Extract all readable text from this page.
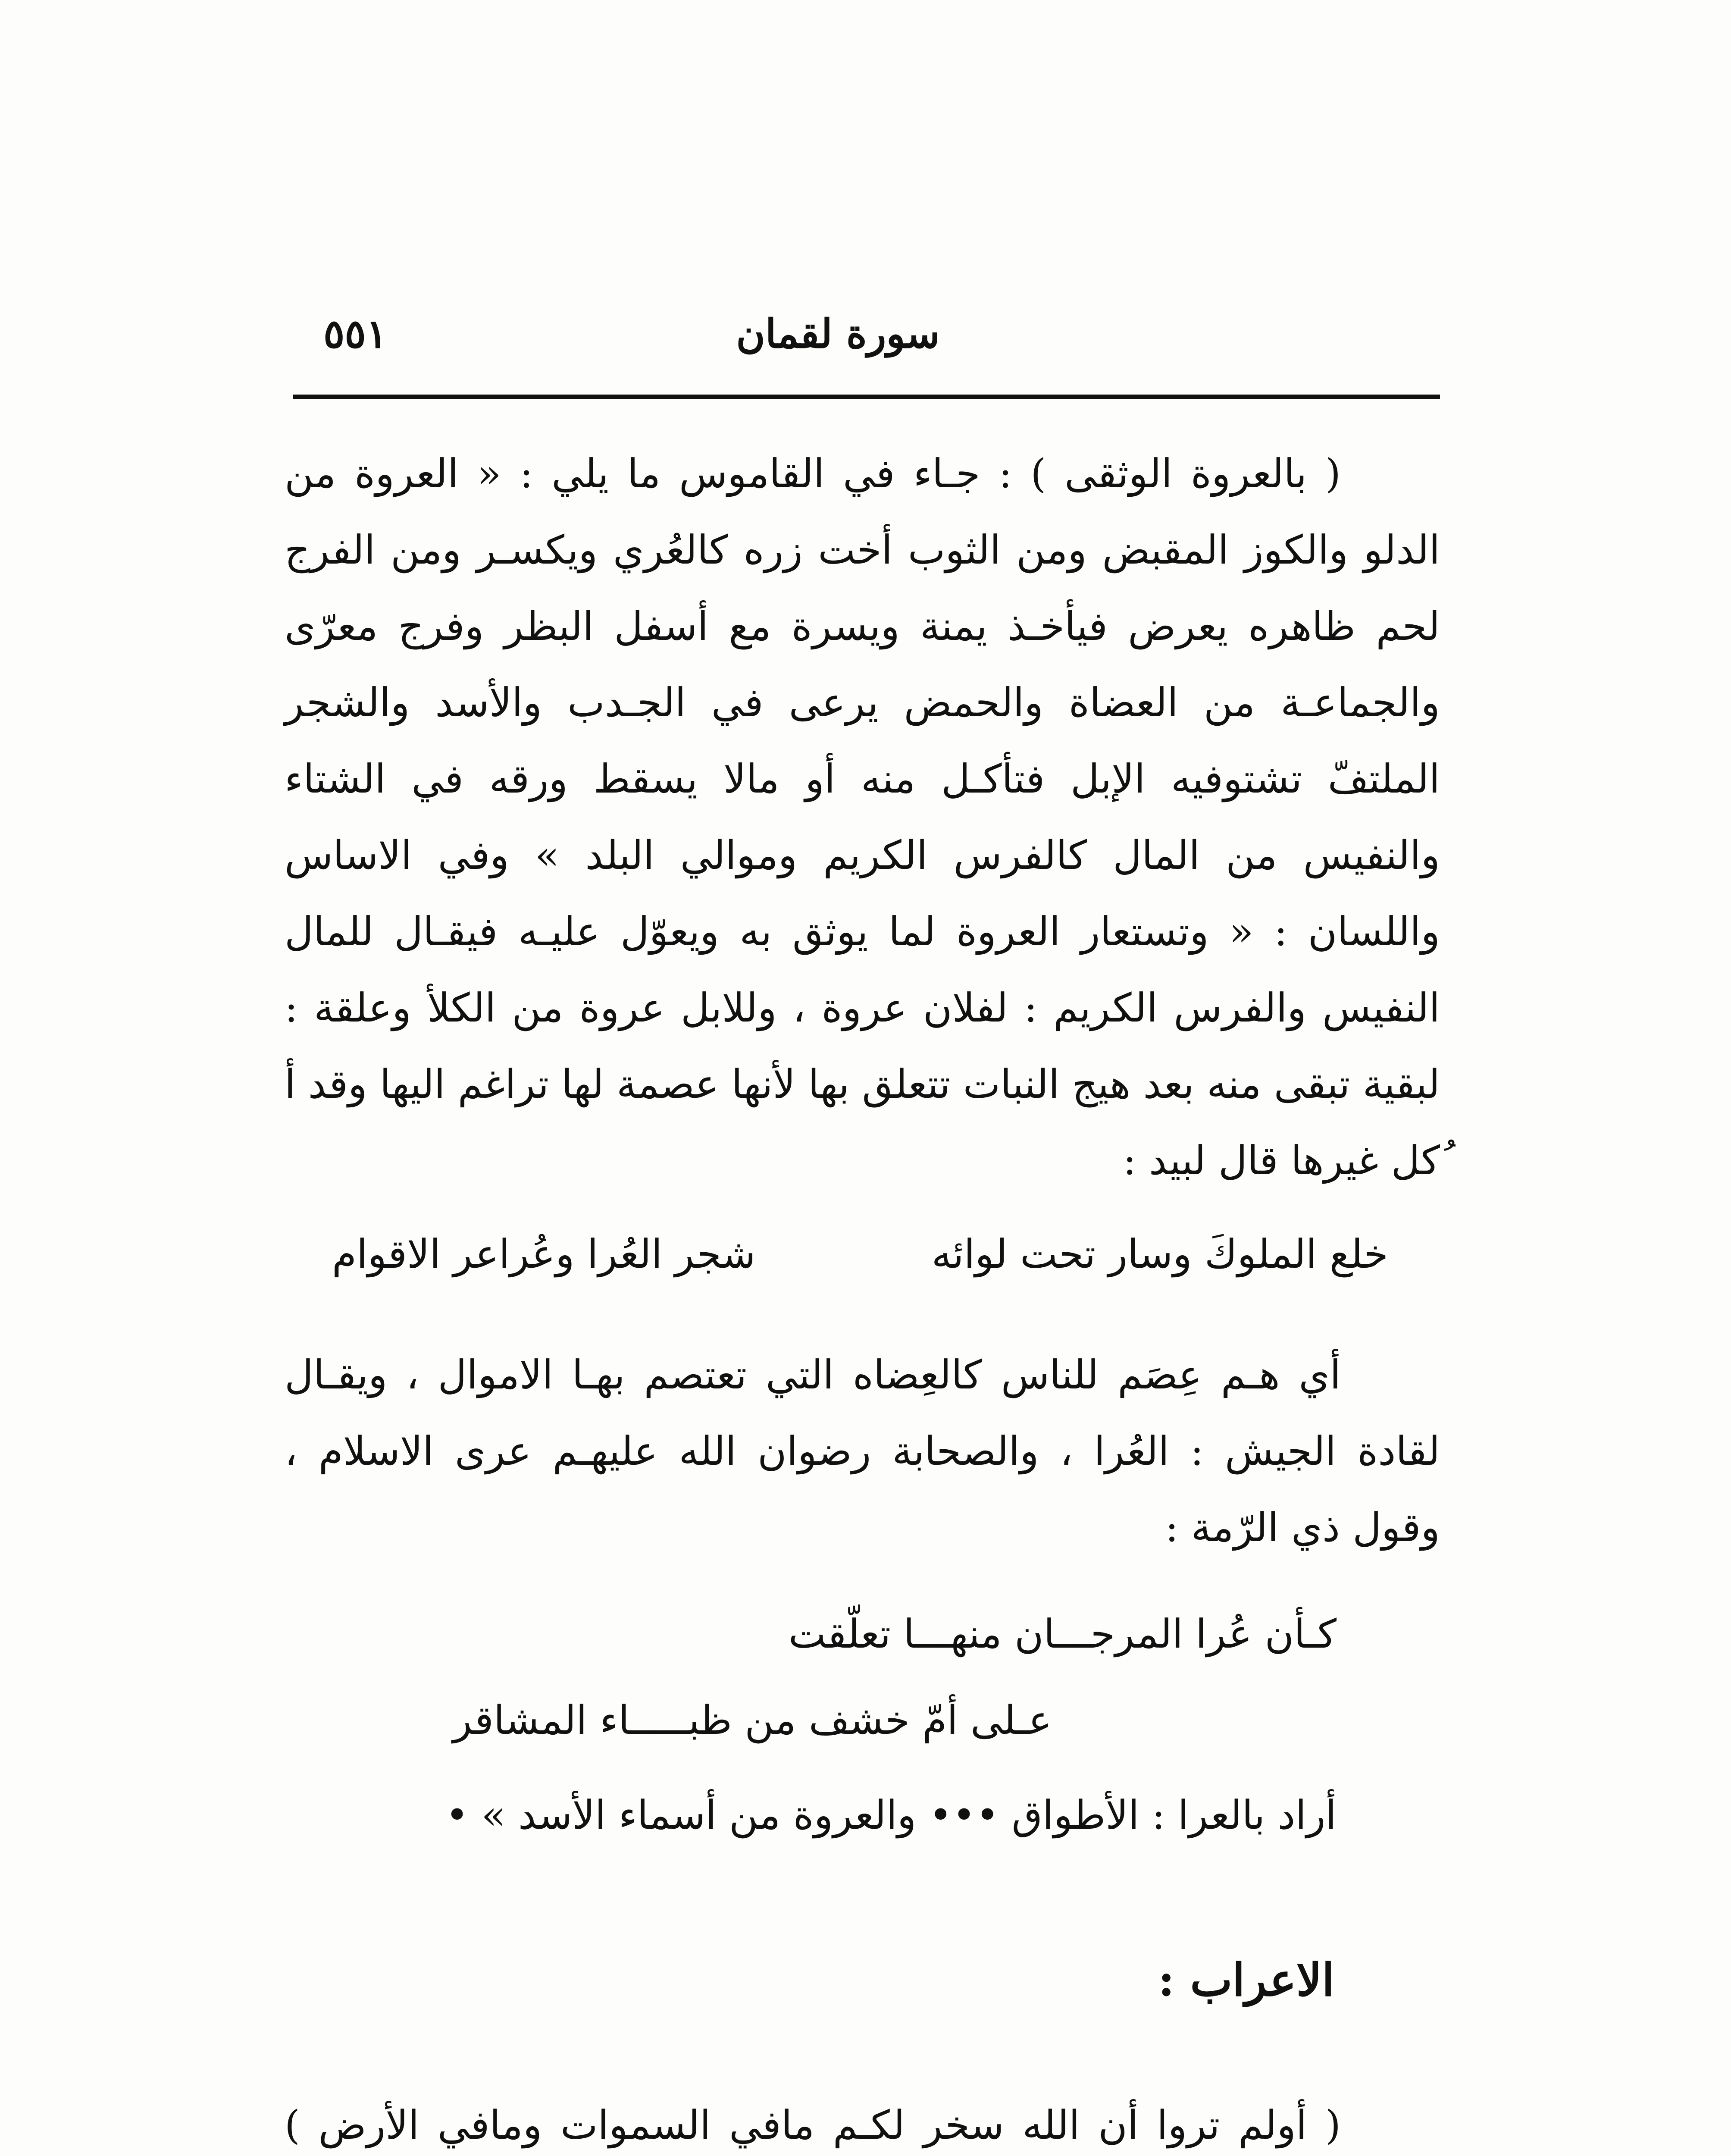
سورة لقمان
٥٥١

( بالعروة الوثقى ) : جـاء في القاموس ما يلي : « العروة من الدلو والكوز المقبض ومن الثوب أخت زره كالعُري ويكسـر ومن الفرج لحم ظاهره يعرض فيأخـذ يمنة ويسرة مع أسفل البظر وفرج معرّى والجماعـة من العضاة والحمض يرعى في الجـدب والأسد والشجر الملتفّ تشتوفيه الإبل فتأكـل منه أو مالا يسقط ورقه في الشتاء والنفيس من المال كالفرس الكريم وموالي البلد » وفي الاساس واللسان : « وتستعار العروة لما يوثق به ويعوّل عليـه فيقـال للمال النفيس والفرس الكريم : لفلان عروة ، وللابل عروة من الكلأ وعلقة : لبقية تبقى منه بعد هيج النبات تتعلق بها لأنها عصمة لها تراغم اليها وقد أ ُكل غيرها قال لبيد :

خلع الملوكَ وسار تحت لوائه
شجر العُرا وعُراعر الاقوام

أي هـم عِصَم للناس كالعِضاه التي تعتصم بهـا الاموال ، ويقـال لقادة الجيش : العُرا ، والصحابة رضوان الله عليهـم عرى الاسلام ، وقول ذي الرّمة :

كـأن عُرا المرجـــان منهـــا تعلّقت
عـلى أمّ خشف من ظبـــــاء المشاقر
أراد بالعرا : الأطواق ••• والعروة من أسماء الأسد » •
الاعراب :

( أولم تروا أن الله سخر لكـم مافي السموات ومافي الأرض )
